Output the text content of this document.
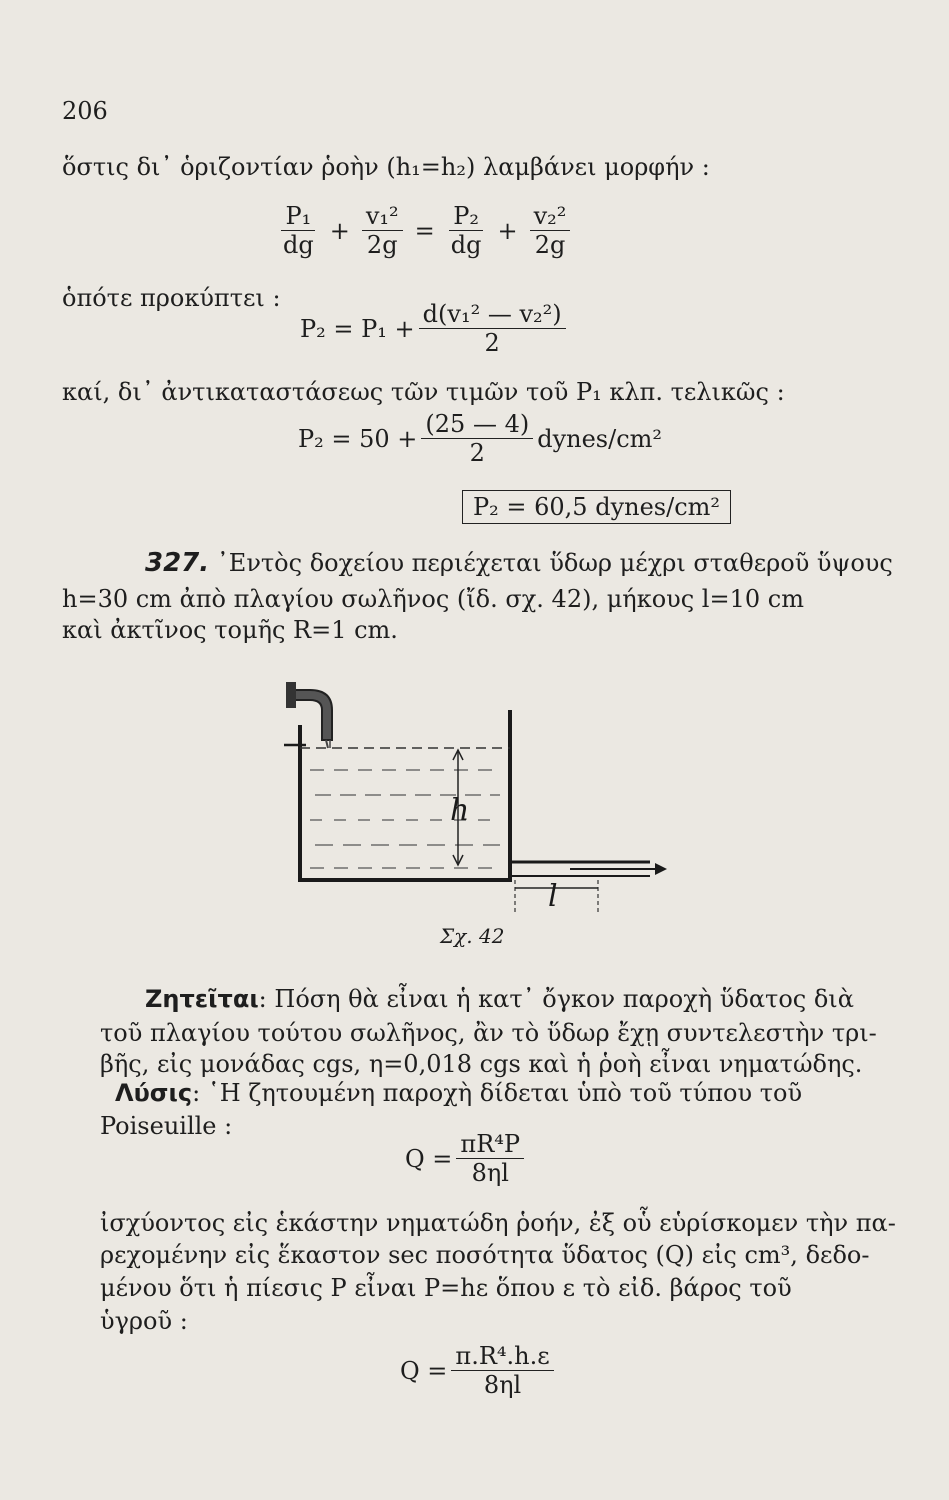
206
ὅστις δι᾽ ὁριζοντίαν ῥοὴν (h₁=h₂) λαμβάνει μορφήν :
$\frac{\text{P₁}}{dg} + \frac{\text{v₁²}}{2g} = \frac{\text{P₂}}{dg} + \frac{\text{v₂²}}{2g}$
ὁπότε προκύπτει :
$P_2 = P_1 + \frac{\text{d(v₁² — v₂²)}}{2}$
καί, δι᾽ ἀντικαταστάσεως τῶν τιμῶν τοῦ P₁ κλπ. τελικῶς :
$P_2 = 50 + \frac{(25 — 4)}{2}$ dynes/cm²
P₂ = 60,5 dynes/cm²
327. ᾽Εντὸς δοχείου περιέχεται ὕδωρ μέχρι σταθεροῦ ὕψους
h=30 cm ἀπὸ πλαγίου σωλῆνος (ἴδ. σχ. 42), μήκους l=10 cm
καὶ ἀκτῖνος τομῆς R=1 cm.
h
l
Σχ. 42
Ζητεῖται: Πόση θὰ εἶναι ἡ κατ᾽ ὄγκον παροχὴ ὕδατος διὰ
τοῦ πλαγίου τούτου σωλῆνος, ἂν τὸ ὕδωρ ἔχῃ συντελεστὴν τρι-
βῆς, εἰς μονάδας cgs, η=0,018 cgs καὶ ἡ ῥοὴ εἶναι νηματώδης.
Λύσις: ῾Η ζητουμένη παροχὴ δίδεται ὑπὸ τοῦ τύπου τοῦ
Poiseuille :
$Q = \frac{\text{πR⁴P}}{8\eta l}$
ἰσχύοντος εἰς ἑκάστην νηματώδη ῥοήν, ἐξ οὗ εὑρίσκομεν τὴν πα-
ρεχομένην εἰς ἕκαστον sec ποσότητα ὕδατος (Q) εἰς cm³, δεδο-
μένου ὅτι ἡ πίεσις P εἶναι P=hε ὅπου ε τὸ εἰδ. βάρος τοῦ
ὑγροῦ :
$Q = \frac{\text{π.R⁴.h.ε}}{8\eta l}$
